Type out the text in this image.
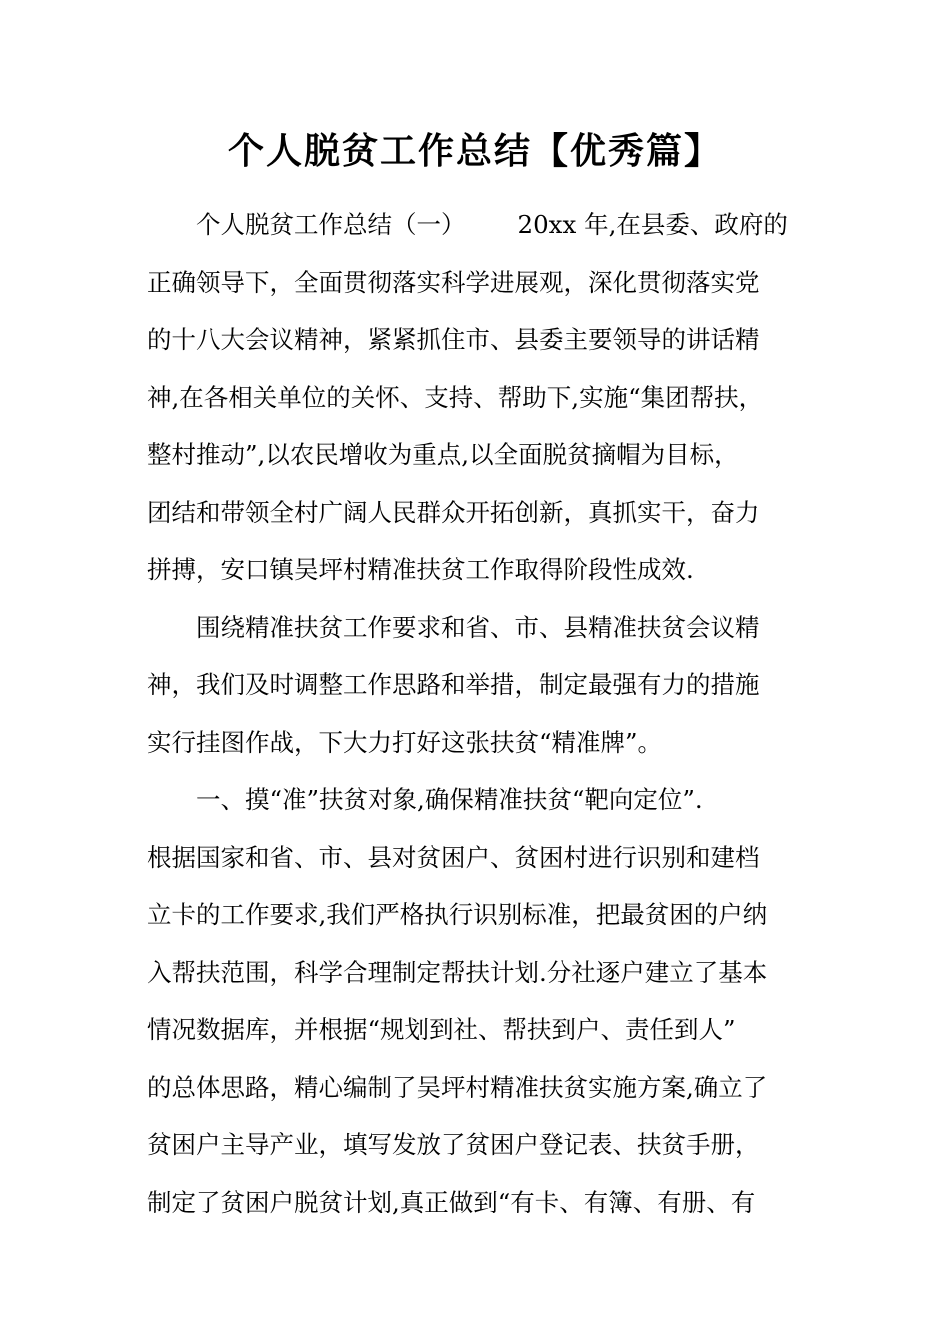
个人脱贫工作总结【优秀篇】

个人脱贫工作总结（一） 20xx 年,在县委、政府的
正确领导下，全面贯彻落实科学进展观，深化贯彻落实党
的十八大会议精神，紧紧抓住市、县委主要领导的讲话精
神,在各相关单位的关怀、支持、帮助下,实施“集团帮扶，
整村推动”,以农民增收为重点,以全面脱贫摘帽为目标，
团结和带领全村广阔人民群众开拓创新，真抓实干，奋力
拼搏，安口镇吴坪村精准扶贫工作取得阶段性成效.

围绕精准扶贫工作要求和省、市、县精准扶贫会议精
神，我们及时调整工作思路和举措，制定最强有力的措施
实行挂图作战，下大力打好这张扶贫“精准牌”。

一、摸“准”扶贫对象,确保精准扶贫“靶向定位”.
根据国家和省、市、县对贫困户、贫困村进行识别和建档
立卡的工作要求,我们严格执行识别标准，把最贫困的户纳
入帮扶范围，科学合理制定帮扶计划.分社逐户建立了基本
情况数据库，并根据“规划到社、帮扶到户、责任到人”
的总体思路，精心编制了吴坪村精准扶贫实施方案,确立了
贫困户主导产业，填写发放了贫困户登记表、扶贫手册，
制定了贫困户脱贫计划,真正做到“有卡、有簿、有册、有
